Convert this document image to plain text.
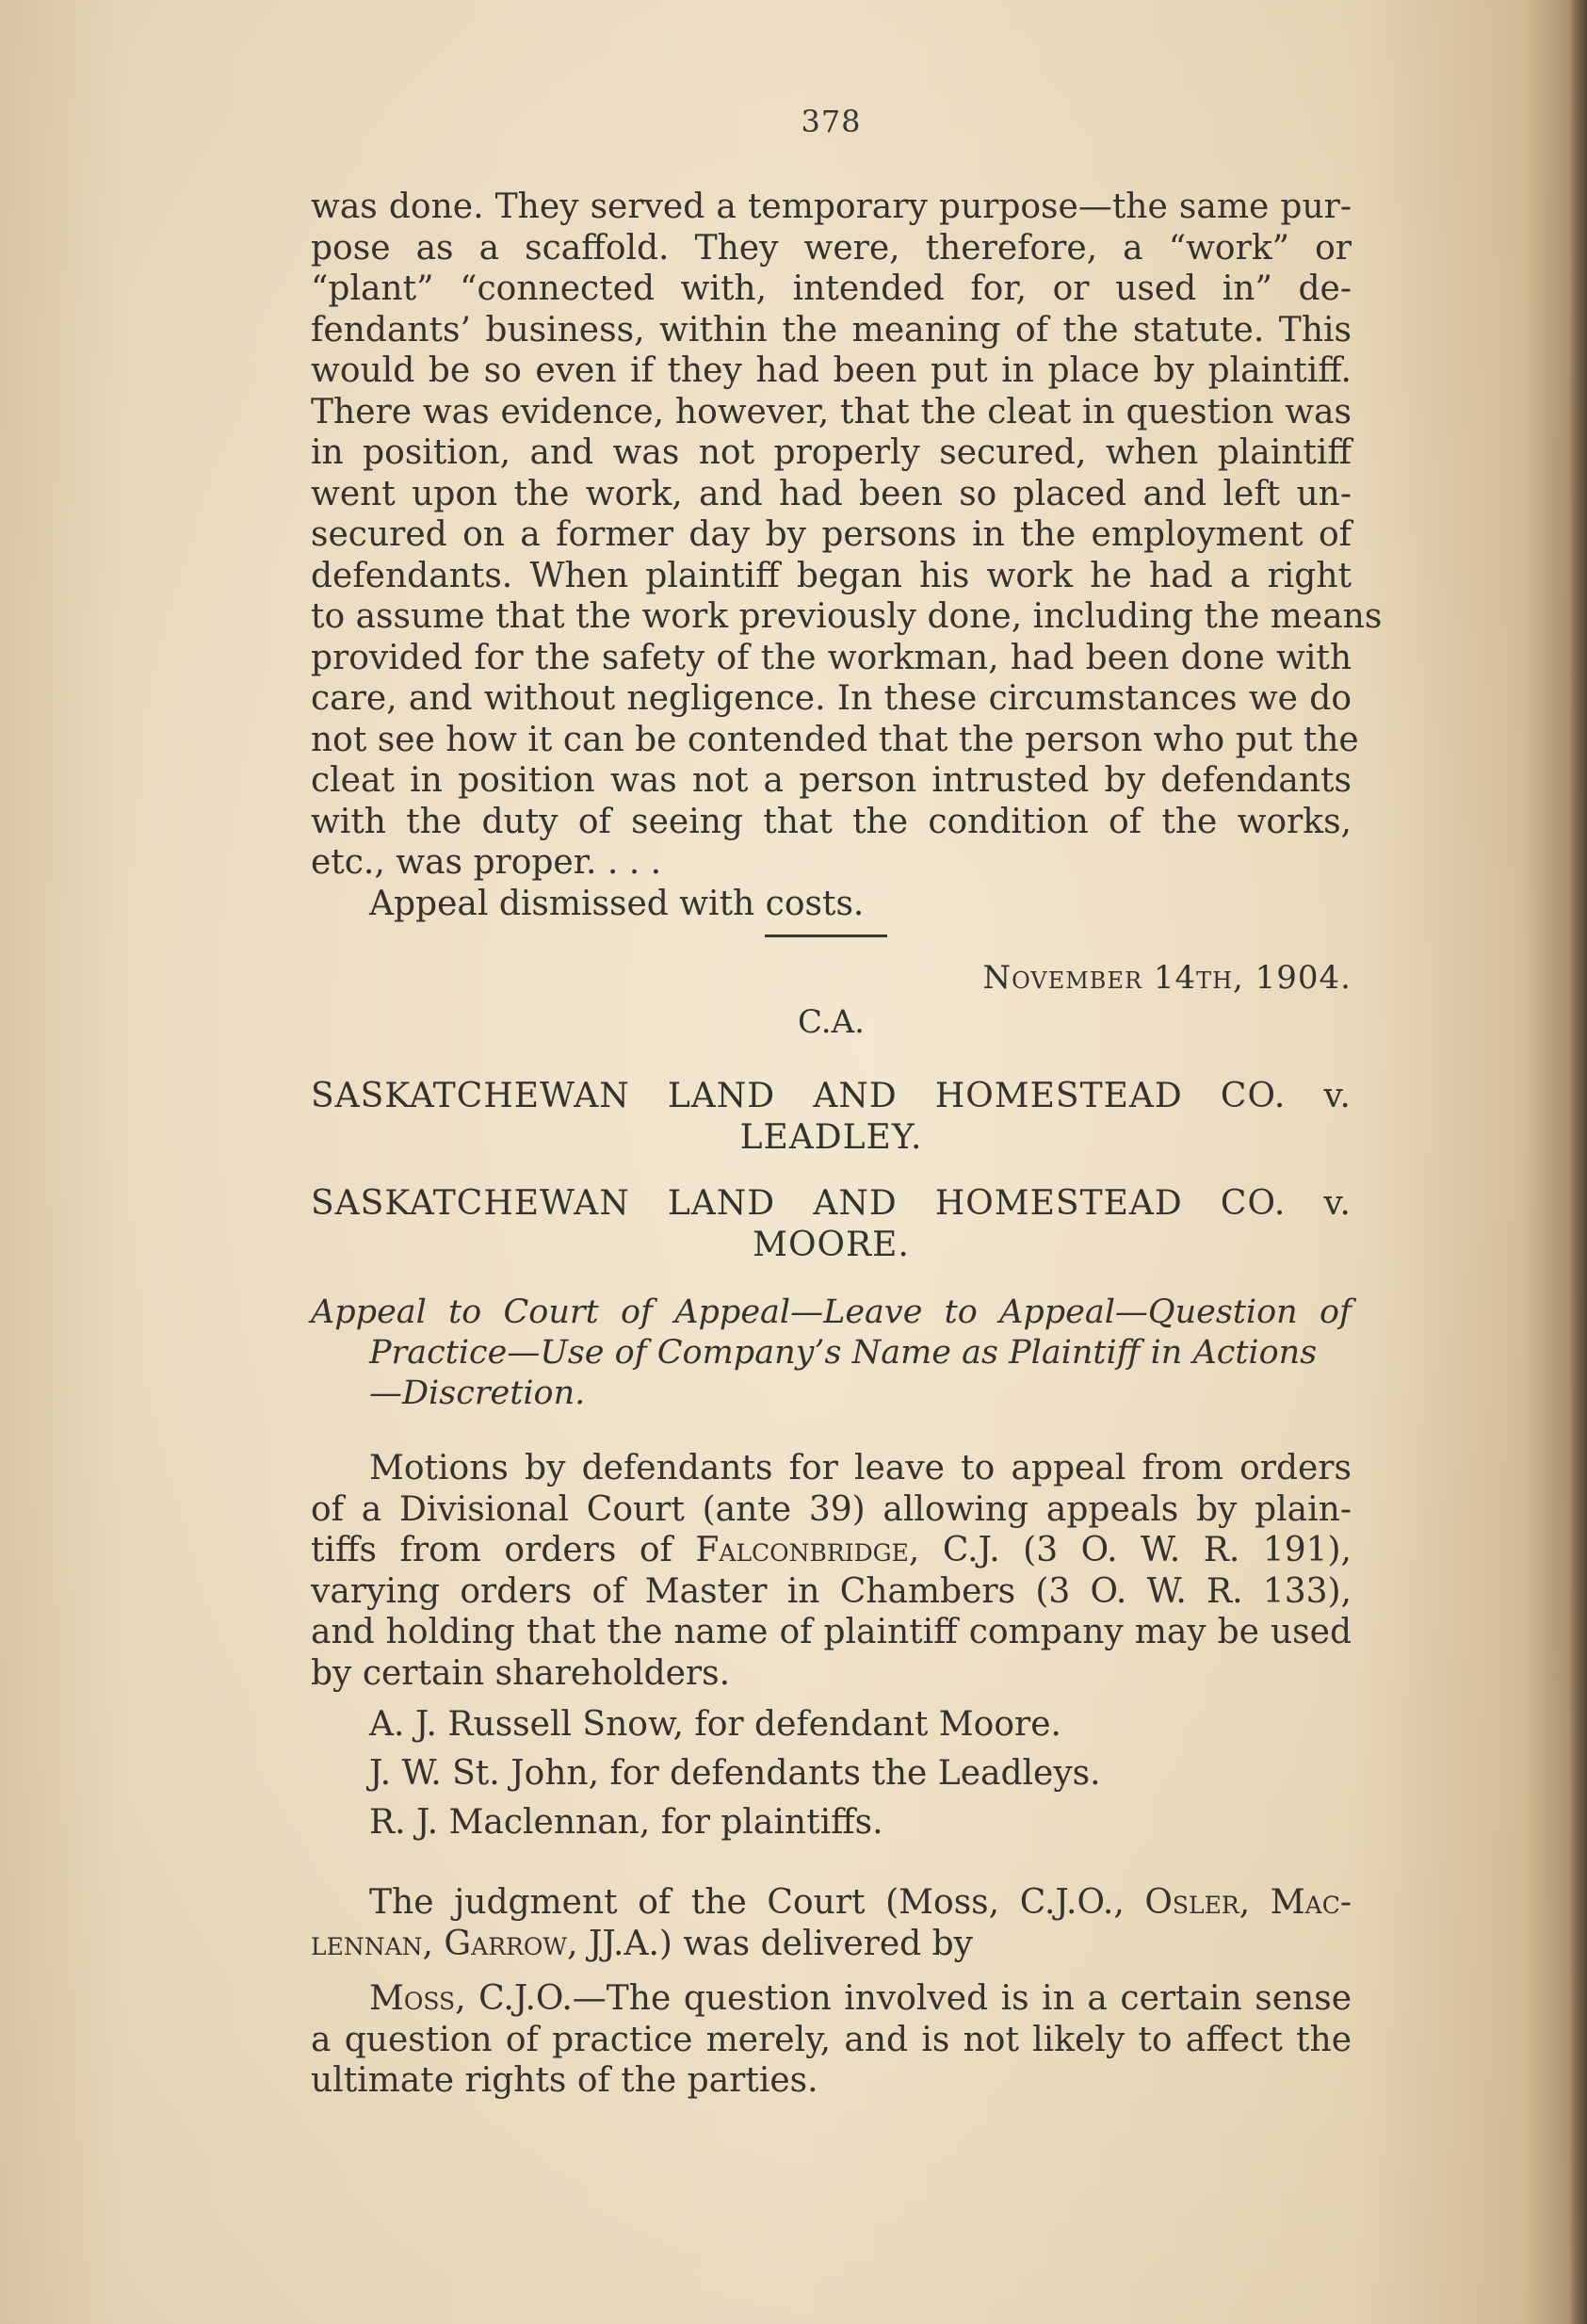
378
was done. They served a temporary purpose—the same pur-
pose as a scaffold. They were, therefore, a “work” or
“plant” “connected with, intended for, or used in” de-
fendants’ business, within the meaning of the statute. This
would be so even if they had been put in place by plaintiff.
There was evidence, however, that the cleat in question was
in position, and was not properly secured, when plaintiff
went upon the work, and had been so placed and left un-
secured on a former day by persons in the employment of
defendants. When plaintiff began his work he had a right
to assume that the work previously done, including the means
provided for the safety of the workman, had been done with
care, and without negligence. In these circumstances we do
not see how it can be contended that the person who put the
cleat in position was not a person intrusted by defendants
with the duty of seeing that the condition of the works,
etc., was proper. . . .
Appeal dismissed with costs.
November 14th, 1904.
C.A.
SASKATCHEWAN LAND AND HOMESTEAD CO. v.
LEADLEY.
SASKATCHEWAN LAND AND HOMESTEAD CO. v.
MOORE.
Appeal to Court of Appeal—Leave to Appeal—Question of
Practice—Use of Company’s Name as Plaintiff in Actions
—Discretion.
Motions by defendants for leave to appeal from orders
of a Divisional Court (ante 39) allowing appeals by plain-
tiffs from orders of Falconbridge, C.J. (3 O. W. R. 191),
varying orders of Master in Chambers (3 O. W. R. 133),
and holding that the name of plaintiff company may be used
by certain shareholders.
A. J. Russell Snow, for defendant Moore.
J. W. St. John, for defendants the Leadleys.
R. J. Maclennan, for plaintiffs.
The judgment of the Court (Moss, C.J.O., Osler, Mac-
lennan, Garrow, JJ.A.) was delivered by
Moss, C.J.O.—The question involved is in a certain sense
a question of practice merely, and is not likely to affect the
ultimate rights of the parties.
